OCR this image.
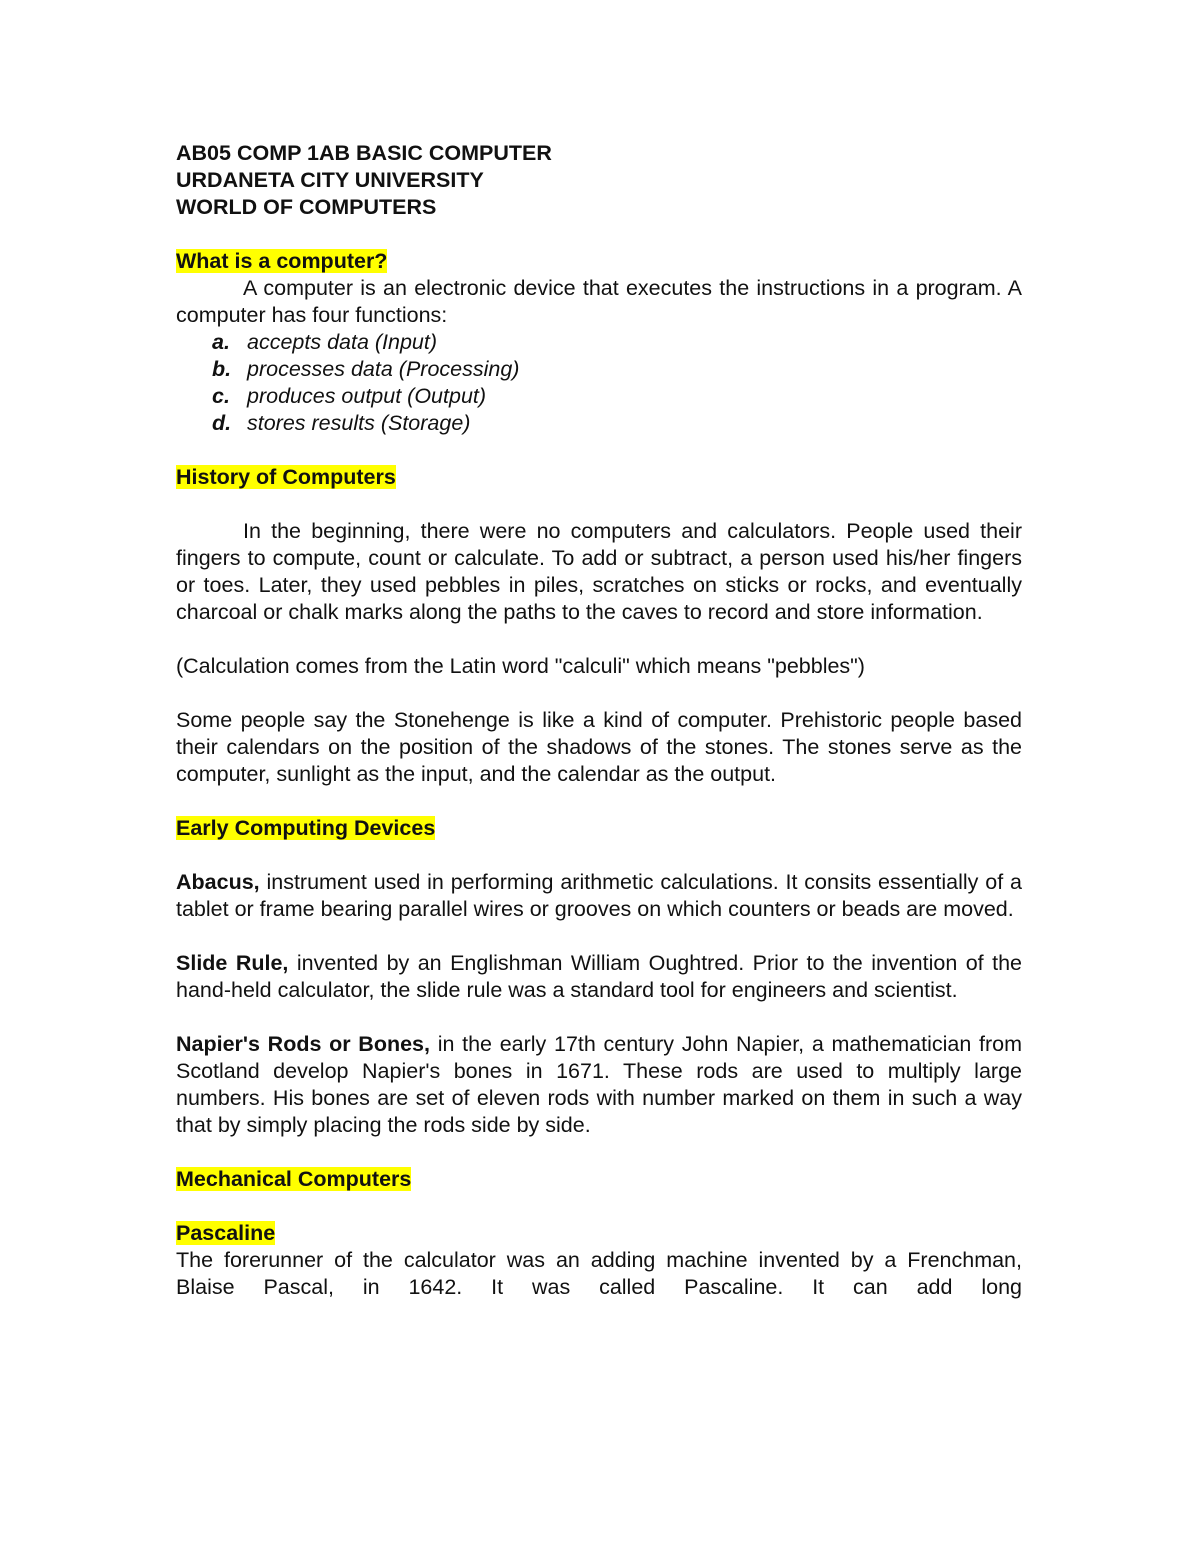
AB05 COMP 1AB BASIC COMPUTER
URDANETA CITY UNIVERSITY
WORLD OF COMPUTERS
What is a computer?

A computer is an electronic device that executes the instructions in a program. A computer has four functions:

a. accepts data (Input)
b. processes data (Processing)
c. produces output (Output)
d. stores results (Storage)
History of Computers

In the beginning, there were no computers and calculators. People used their fingers to compute, count or calculate. To add or subtract, a person used his/her fingers or toes. Later, they used pebbles in piles, scratches on sticks or rocks, and eventually charcoal or chalk marks along the paths to the caves to record and store information.

(Calculation comes from the Latin word "calculi" which means "pebbles")

Some people say the Stonehenge is like a kind of computer. Prehistoric people based their calendars on the position of the shadows of the stones. The stones serve as the computer, sunlight as the input, and the calendar as the output.

Early Computing Devices

Abacus, instrument used in performing arithmetic calculations. It consits essentially of a tablet or frame bearing parallel wires or grooves on which counters or beads are moved.

Slide Rule, invented by an Englishman William Oughtred. Prior to the invention of the hand-held calculator, the slide rule was a standard tool for engineers and scientist.

Napier's Rods or Bones, in the early 17th century John Napier, a mathematician from Scotland develop Napier's bones in 1671. These rods are used to multiply large numbers. His bones are set of eleven rods with number marked on them in such a way that by simply placing the rods side by side.

Mechanical Computers
Pascaline

The forerunner of the calculator was an adding machine invented by a Frenchman, Blaise Pascal, in 1642. It was called Pascaline. It can add long
